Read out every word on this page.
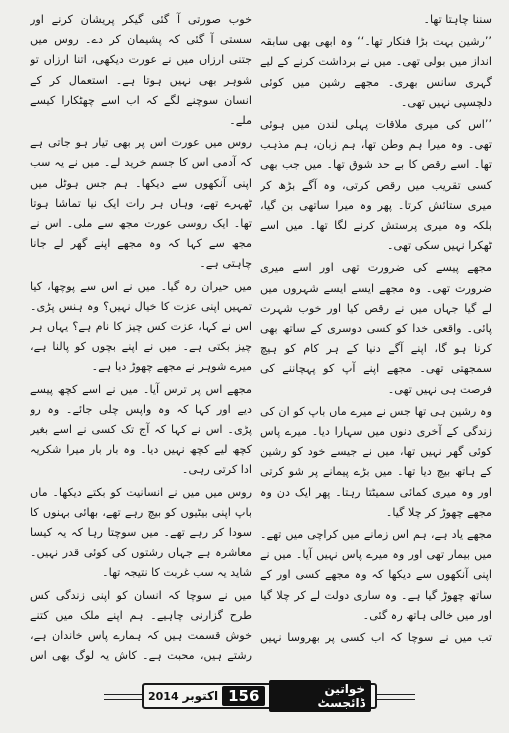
سننا چاہتا تھا۔

’’رشین بہت بڑا فنکار تھا۔‘‘ وہ ابھی بھی سابقہ انداز میں بولی تھی۔ میں نے برداشت کرنے کے لیے گہری سانس بھری۔ مجھے رشین میں کوئی دلچسپی نہیں تھی۔

’’اس کی میری ملاقات پہلی لندن میں ہوئی تھی۔ وہ میرا ہم وطن تھا، ہم زبان، ہم مذہب تھا۔ اسے رقص کا بے حد شوق تھا۔ میں جب بھی کسی تقریب میں رقص کرتی، وہ آگے بڑھ کر میری ستائش کرتا۔ پھر وہ میرا ساتھی بن گیا، بلکہ وہ میری پرستش کرنے لگا تھا۔ میں اسے ٹھکرا نہیں سکی تھی۔

مجھے پیسے کی ضرورت تھی اور اسے میری ضرورت تھی۔ وہ مجھے ایسے ایسے شہروں میں لے گیا جہاں میں نے رقص کیا اور خوب شہرت پائی۔ واقعی خدا کو کسی دوسری کے ساتھ بھی کرنا ہو گا، اپنے آگے دنیا کے ہر کام کو ہیچ سمجھتی تھی۔ مجھے اپنے آپ کو پہچاننے کی فرصت ہی نہیں تھی۔

وہ رشین ہی تھا جس نے میرے ماں باپ کو ان کی زندگی کے آخری دنوں میں سہارا دیا۔ میرے پاس کوئی گھر نہیں تھا، میں نے جیسے خود کو رشین کے ہاتھ بیچ دیا تھا۔ میں بڑے پیمانے پر شو کرتی اور وہ میری کمائی سمیٹتا رہتا۔ پھر ایک دن وہ مجھے چھوڑ کر چلا گیا۔

مجھے یاد ہے، ہم اس زمانے میں کراچی میں تھے۔ میں بیمار تھی اور وہ میرے پاس نہیں آیا۔ میں نے اپنی آنکھوں سے دیکھا کہ وہ مجھے کسی اور کے ساتھ چھوڑ گیا ہے۔ وہ ساری دولت لے کر چلا گیا اور میں خالی ہاتھ رہ گئی۔

تب میں نے سوچا کہ اب کسی پر بھروسا نہیں

خوب صورتی آ گئی گیکر پریشان کرنے اور سستی آ گئی کہ پشیمان کر دے۔ روس میں جتنی ارزاں میں نے عورت دیکھی، اتنا ارزاں تو شوہر بھی نہیں ہوتا ہے۔ استعمال کر کے انسان سوچنے لگے کہ اب اسے چھٹکارا کیسے ملے۔

روس میں عورت اس پر بھی تیار ہو جاتی ہے کہ آدمی اس کا جسم خرید لے۔ میں نے یہ سب اپنی آنکھوں سے دیکھا۔ ہم جس ہوٹل میں ٹھہرے تھے، وہاں ہر رات ایک نیا تماشا ہوتا تھا۔ ایک روسی عورت مجھ سے ملی۔ اس نے مجھ سے کہا کہ وہ مجھے اپنے گھر لے جانا چاہتی ہے۔

میں حیران رہ گیا۔ میں نے اس سے پوچھا، کیا تمہیں اپنی عزت کا خیال نہیں؟ وہ ہنس پڑی۔ اس نے کہا، عزت کس چیز کا نام ہے؟ یہاں ہر چیز بکتی ہے۔ میں نے اپنے بچوں کو پالنا ہے، میرے شوہر نے مجھے چھوڑ دیا ہے۔

مجھے اس پر ترس آیا۔ میں نے اسے کچھ پیسے دیے اور کہا کہ وہ واپس چلی جائے۔ وہ رو پڑی۔ اس نے کہا کہ آج تک کسی نے اسے بغیر کچھ لیے کچھ نہیں دیا۔ وہ بار بار میرا شکریہ ادا کرتی رہی۔

روس میں میں نے انسانیت کو بکتے دیکھا۔ ماں باپ اپنی بیٹیوں کو بیچ رہے تھے، بھائی بہنوں کا سودا کر رہے تھے۔ میں سوچتا رہا کہ یہ کیسا معاشرہ ہے جہاں رشتوں کی کوئی قدر نہیں۔ شاید یہ سب غربت کا نتیجہ تھا۔

میں نے سوچا کہ انسان کو اپنی زندگی کس طرح گزارنی چاہیے۔ ہم اپنے ملک میں کتنے خوش قسمت ہیں کہ ہمارے پاس خاندان ہے، رشتے ہیں، محبت ہے۔ کاش یہ لوگ بھی اس

خواتین ڈائجسٹ
156
اکتوبر
2014
